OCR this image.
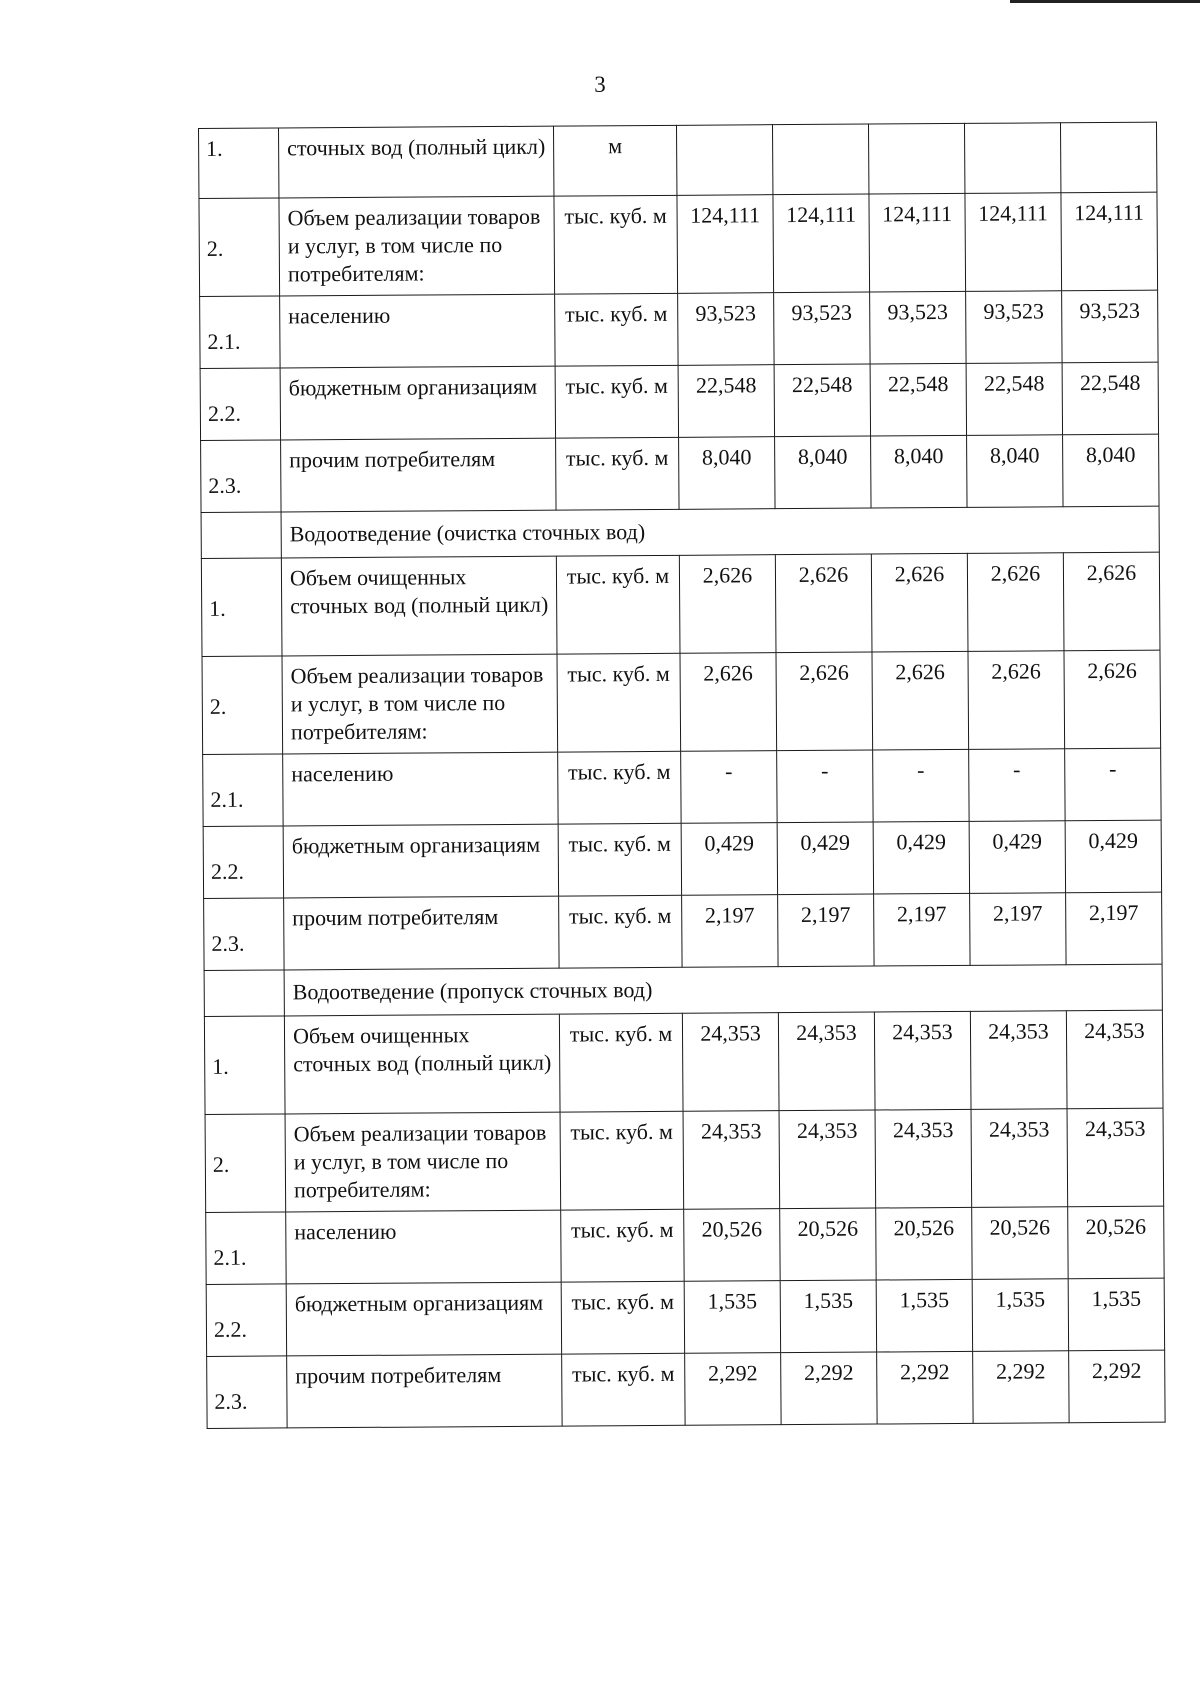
3
1.	сточных вод (полный цикл)	м					
2.	Объем реализации товаров и услуг, в том числе по потребителям:	тыс. куб. м	124,111	124,111	124,111	124,111	124,111
2.1.	населению	тыс. куб. м	93,523	93,523	93,523	93,523	93,523
2.2.	бюджетным организациям	тыс. куб. м	22,548	22,548	22,548	22,548	22,548
2.3.	прочим потребителям	тыс. куб. м	8,040	8,040	8,040	8,040	8,040
	Водоотведение (очистка сточных вод)						
1.	Объем очищенных сточных вод (полный цикл)	тыс. куб. м	2,626	2,626	2,626	2,626	2,626
2.	Объем реализации товаров и услуг, в том числе по потребителям:	тыс. куб. м	2,626	2,626	2,626	2,626	2,626
2.1.	населению	тыс. куб. м	-	-	-	-	-
2.2.	бюджетным организациям	тыс. куб. м	0,429	0,429	0,429	0,429	0,429
2.3.	прочим потребителям	тыс. куб. м	2,197	2,197	2,197	2,197	2,197
	Водоотведение (пропуск сточных вод)						
1.	Объем очищенных сточных вод (полный цикл)	тыс. куб. м	24,353	24,353	24,353	24,353	24,353
2.	Объем реализации товаров и услуг, в том числе по потребителям:	тыс. куб. м	24,353	24,353	24,353	24,353	24,353
2.1.	населению	тыс. куб. м	20,526	20,526	20,526	20,526	20,526
2.2.	бюджетным организациям	тыс. куб. м	1,535	1,535	1,535	1,535	1,535
2.3.	прочим потребителям	тыс. куб. м	2,292	2,292	2,292	2,292	2,292
